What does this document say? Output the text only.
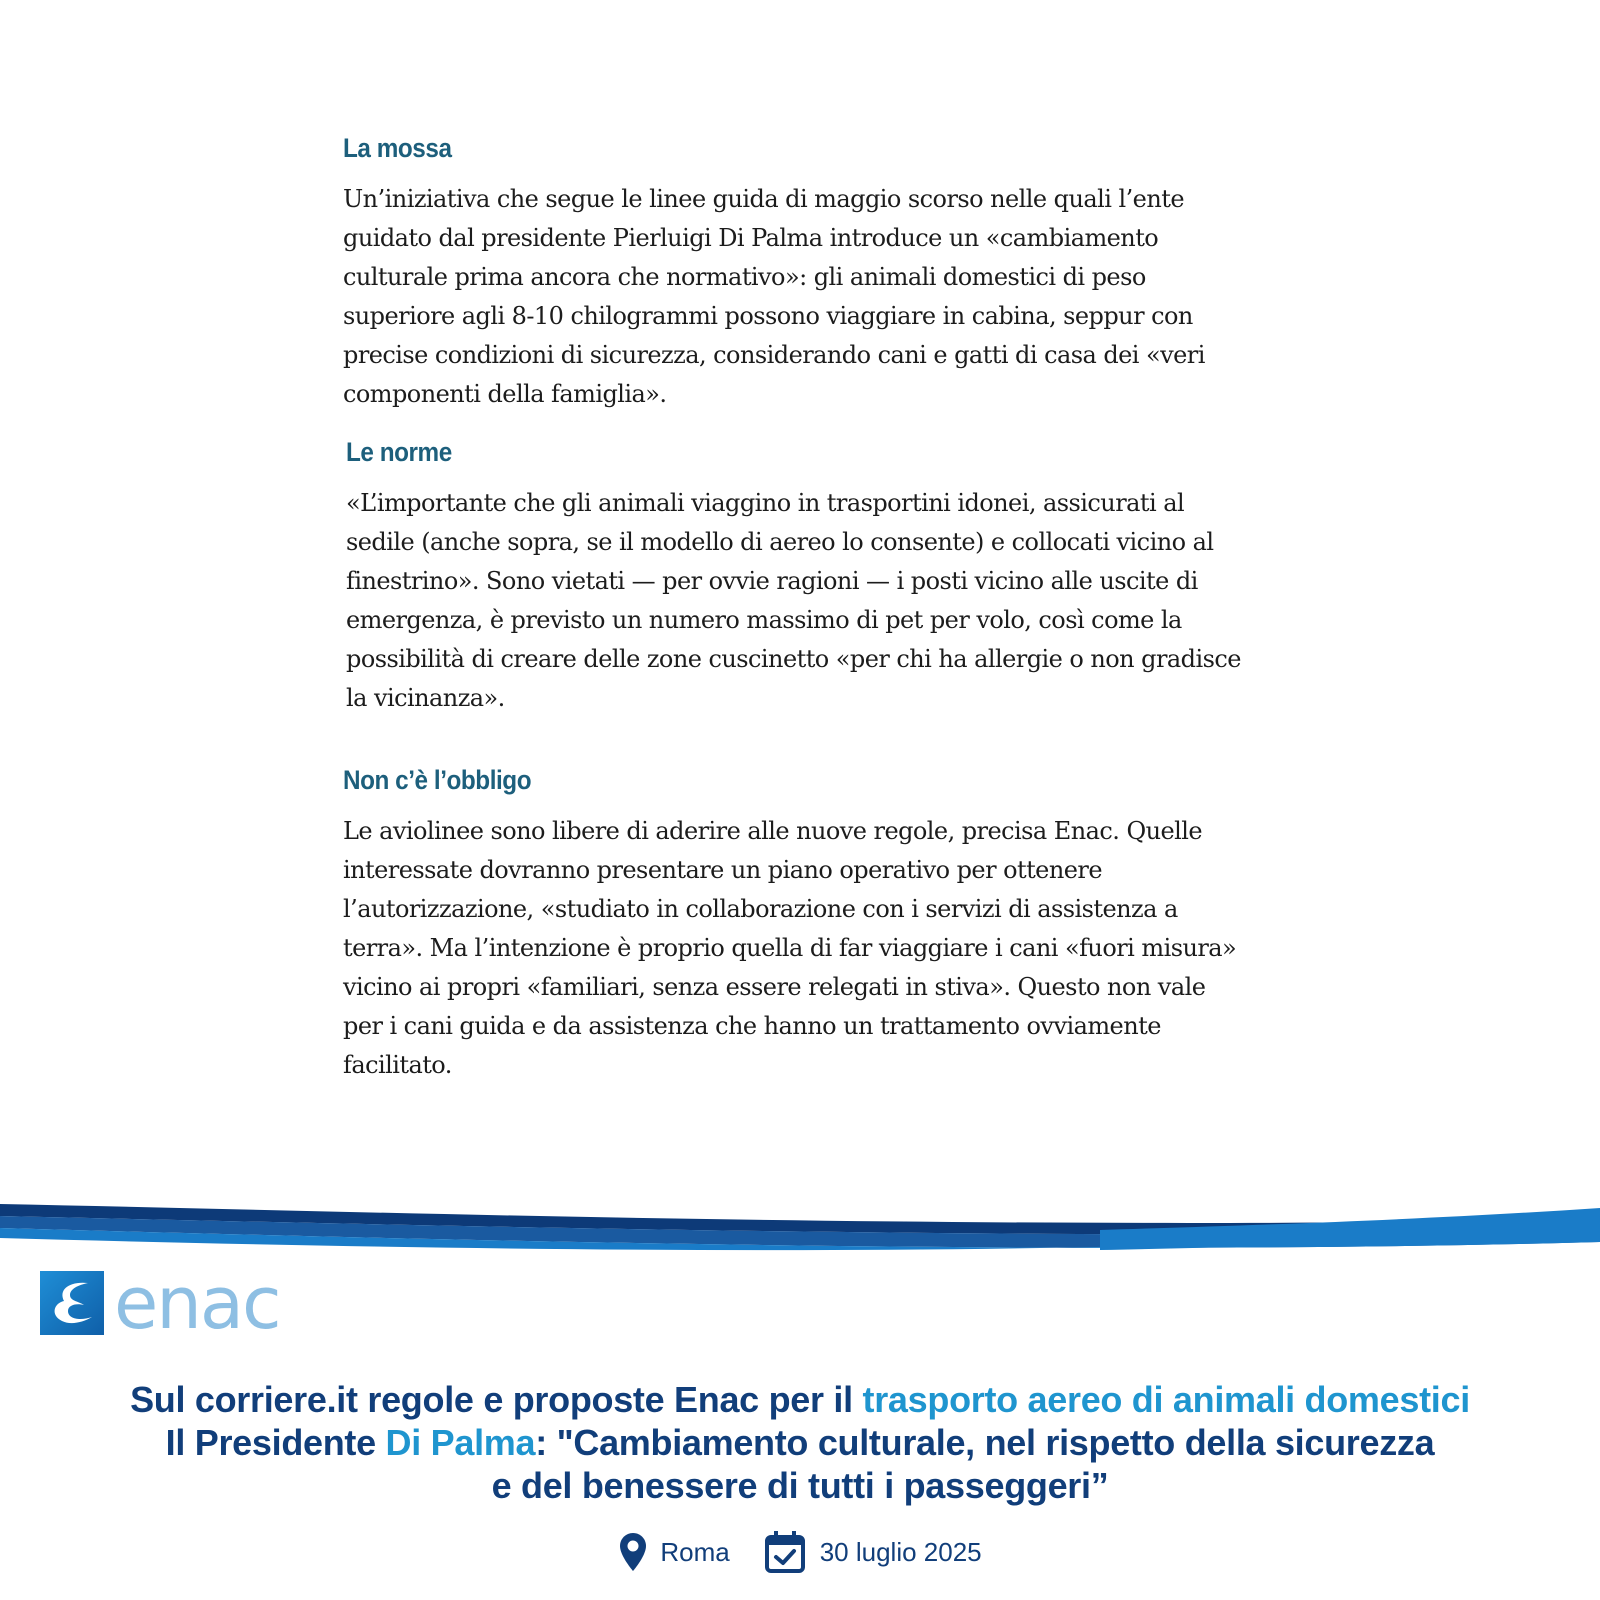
La mossa

Un’iniziativa che segue le linee guida di maggio scorso nelle quali l’ente
guidato dal presidente Pierluigi Di Palma introduce un «cambiamento
culturale prima ancora che normativo»: gli animali domestici di peso
superiore agli 8-10 chilogrammi possono viaggiare in cabina, seppur con
precise condizioni di sicurezza, considerando cani e gatti di casa dei «veri
componenti della famiglia».

Le norme

«L’importante che gli animali viaggino in trasportini idonei, assicurati al
sedile (anche sopra, se il modello di aereo lo consente) e collocati vicino al
finestrino». Sono vietati — per ovvie ragioni — i posti vicino alle uscite di
emergenza, è previsto un numero massimo di pet per volo, così come la
possibilità di creare delle zone cuscinetto «per chi ha allergie o non gradisce
la vicinanza».

Non c’è l’obbligo

Le aviolinee sono libere di aderire alle nuove regole, precisa Enac. Quelle
interessate dovranno presentare un piano operativo per ottenere
l’autorizzazione, «studiato in collaborazione con i servizi di assistenza a
terra». Ma l’intenzione è proprio quella di far viaggiare i cani «fuori misura»
vicino ai propri «familiari, senza essere relegati in stiva». Questo non vale
per i cani guida e da assistenza che hanno un trattamento ovviamente
facilitato.

enac
Sul corriere.it regole e proposte Enac per il trasporto aereo di animali domestici
Il Presidente Di Palma: "Cambiamento culturale, nel rispetto della sicurezza
e del benessere di tutti i passeggeri”
Roma	30 luglio 2025
